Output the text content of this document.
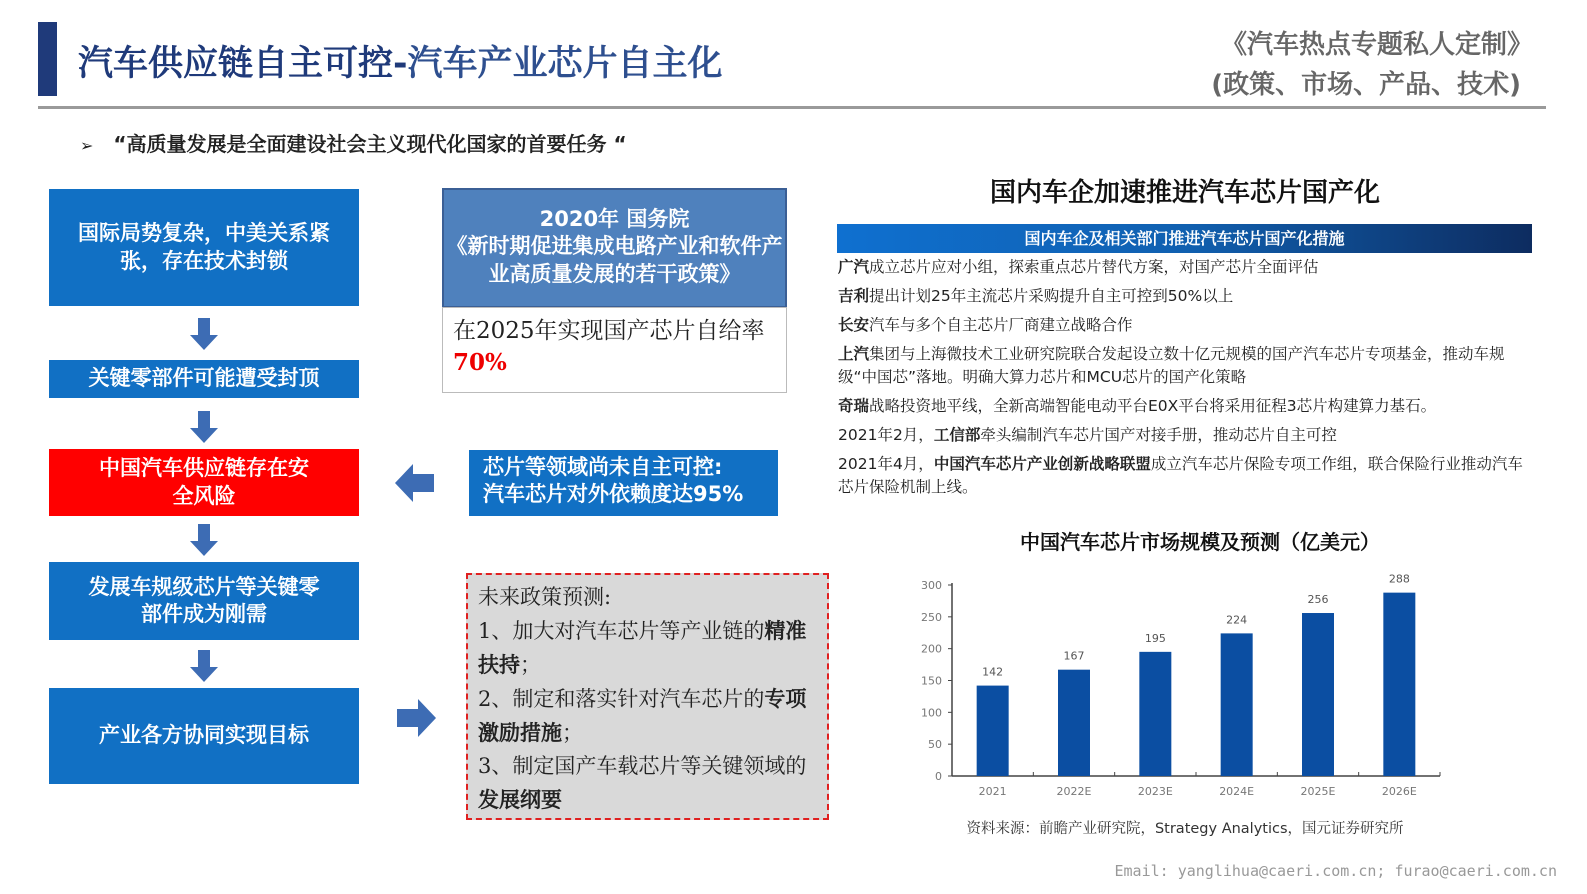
汽车供应链自主可控-汽车产业芯片自主化	《汽车热点专题私人定制》
(政策、市场、产品、技术)
➢ “高质量发展是全面建设社会主义现代化国家的首要任务 “
国际局势复杂，中美关系紧张，存在技术封锁
关键零部件可能遭受封顶
中国汽车供应链存在安全风险
发展车规级芯片等关键零部件成为刚需
产业各方协同实现目标
2020年 国务院
《新时期促进集成电路产业和软件产业高质量发展的若干政策》
在2025年实现国产芯片自给率70%
芯片等领域尚未自主可控:
汽车芯片对外依赖度达95%
未来政策预测:
1、加大对汽车芯片等产业链的精准扶持；
2、制定和落实针对汽车芯片的专项激励措施；
3、制定国产车载芯片等关键领域的发展纲要
国内车企加速推进汽车芯片国产化
国内车企及相关部门推进汽车芯片国产化措施
广汽成立芯片应对小组，探索重点芯片替代方案，对国产芯片全面评估
吉利提出计划25年主流芯片采购提升自主可控到50%以上
长安汽车与多个自主芯片厂商建立战略合作
上汽集团与上海微技术工业研究院联合发起设立数十亿元规模的国产汽车芯片专项基金，推动车规级“中国芯”落地。明确大算力芯片和MCU芯片的国产化策略
奇瑞战略投资地平线，全新高端智能电动平台E0X平台将采用征程3芯片构建算力基石。
2021年2月，工信部牵头编制汽车芯片国产对接手册，推动芯片自主可控
2021年4月，中国汽车芯片产业创新战略联盟成立汽车芯片保险专项工作组，联合保险行业推动汽车芯片保险机制上线。
中国汽车芯片市场规模及预测（亿美元）
0
50
100
150
200
250
300
142
2021
167
2022E
195
2023E
224
2024E
256
2025E
288
2026E
资料来源：前瞻产业研究院，Strategy Analytics，国元证券研究所
Email: yanglihua@caeri.com.cn; furao@caeri.com.cn
